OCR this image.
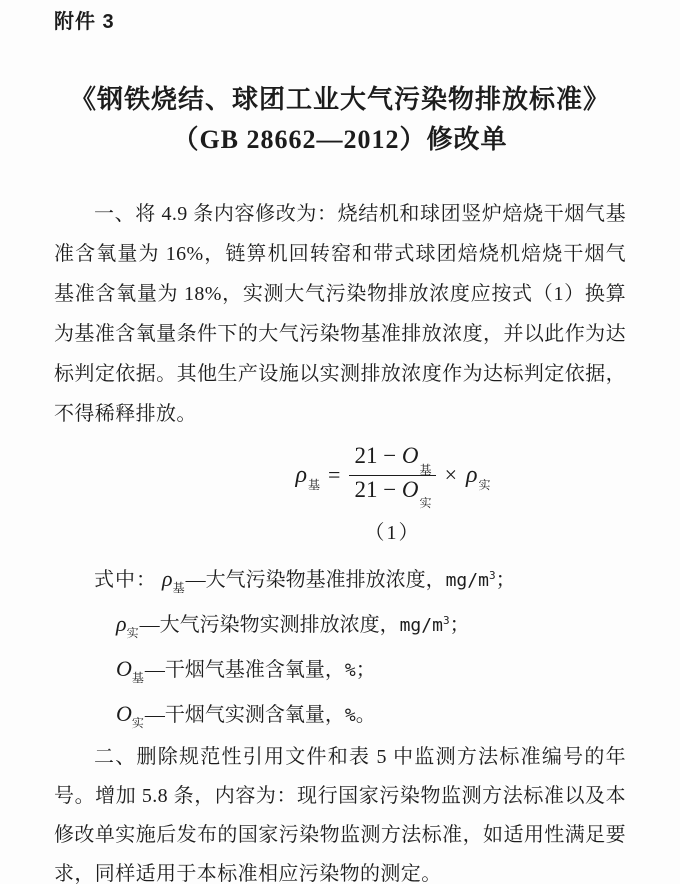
附件 3
《钢铁烧结、球团工业大气污染物排放标准》
（GB 28662—2012）修改单

一、将 4.9 条内容修改为：烧结机和球团竖炉焙烧干烟气基准含氧量为 16%，链箅机回转窑和带式球团焙烧机焙烧干烟气基准含氧量为 18%，实测大气污染物排放浓度应按式（1）换算为基准含氧量条件下的大气污染物基准排放浓度，并以此作为达标判定依据。其他生产设施以实测排放浓度作为达标判定依据，不得稀释排放。

$\rho_基 = \frac{21 - O_基}{21 - O_实} \times \rho_实$
（1）
式中： $\rho_基—$大气污染物基准排放浓度，$mg/m^3$；
$\rho_实—$大气污染物实测排放浓度，$mg/m^3$；
$O_基—$干烟气基准含氧量，%；
$O_实—$干烟气实测含氧量，%。

二、删除规范性引用文件和表 5 中监测方法标准编号的年号。增加 5.8 条，内容为：现行国家污染物监测方法标准以及本修改单实施后发布的国家污染物监测方法标准，如适用性满足要求，同样适用于本标准相应污染物的测定。
